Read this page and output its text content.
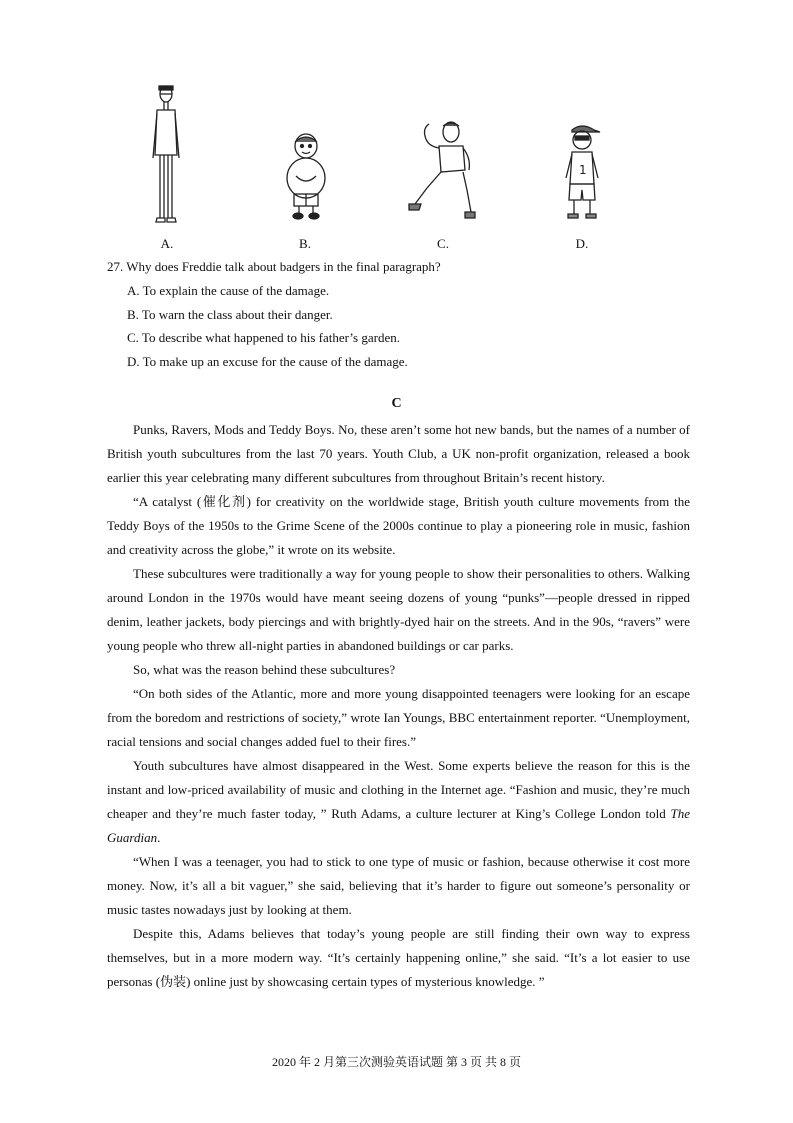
1
A.	B.	C.	D.
27. Why does Freddie talk about badgers in the final paragraph?
A. To explain the cause of the damage.
B. To warn the class about their danger.
C. To describe what happened to his father’s garden.
D. To make up an excuse for the cause of the damage.
C

Punks, Ravers, Mods and Teddy Boys. No, these aren’t some hot new bands, but the names of a number of British youth subcultures from the last 70 years. Youth Club, a UK non-profit organization, released a book earlier this year celebrating many different subcultures from throughout Britain’s recent history.

“A catalyst (催化剂) for creativity on the worldwide stage, British youth culture movements from the Teddy Boys of the 1950s to the Grime Scene of the 2000s continue to play a pioneering role in music, fashion and creativity across the globe,” it wrote on its website.

These subcultures were traditionally a way for young people to show their personalities to others. Walking around London in the 1970s would have meant seeing dozens of young “punks”—people dressed in ripped denim, leather jackets, body piercings and with brightly-dyed hair on the streets. And in the 90s, “ravers” were young people who threw all-night parties in abandoned buildings or car parks.

So, what was the reason behind these subcultures?

“On both sides of the Atlantic, more and more young disappointed teenagers were looking for an escape from the boredom and restrictions of society,” wrote Ian Youngs, BBC entertainment reporter. “Unemployment, racial tensions and social changes added fuel to their fires.”

Youth subcultures have almost disappeared in the West. Some experts believe the reason for this is the instant and low-priced availability of music and clothing in the Internet age. “Fashion and music, they’re much cheaper and they’re much faster today, ” Ruth Adams, a culture lecturer at King’s College London told The Guardian.

“When I was a teenager, you had to stick to one type of music or fashion, because otherwise it cost more money. Now, it’s all a bit vaguer,” she said, believing that it’s harder to figure out someone’s personality or music tastes nowadays just by looking at them.

Despite this, Adams believes that today’s young people are still finding their own way to express themselves, but in a more modern way. “It’s certainly happening online,” she said. “It’s a lot easier to use personas (伪装) online just by showcasing certain types of mysterious knowledge. ”

2020 年 2 月第三次测验英语试题 第 3 页 共 8 页
